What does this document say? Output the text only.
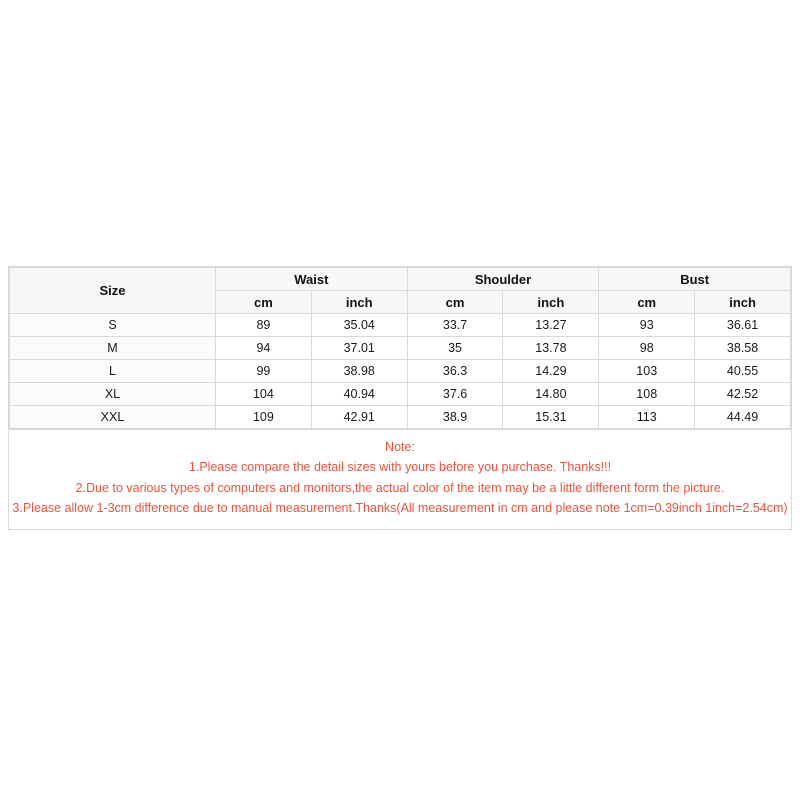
Size	Waist		Shoulder		Bust	
	cm	inch	cm	inch	cm	inch
S	89	35.04	33.7	13.27	93	36.61
M	94	37.01	35	13.78	98	38.58
L	99	38.98	36.3	14.29	103	40.55
XL	104	40.94	37.6	14.80	108	42.52
XXL	109	42.91	38.9	15.31	113	44.49
Note:
1.Please compare the detail sizes with yours before you purchase. Thanks!!!
2.Due to various types of computers and monitors,the actual color of the item may be a little different form the picture.
3.Please allow 1-3cm difference due to manual measurement.Thanks(All measurement in cm and please note 1cm=0.39inch 1inch=2.54cm)
